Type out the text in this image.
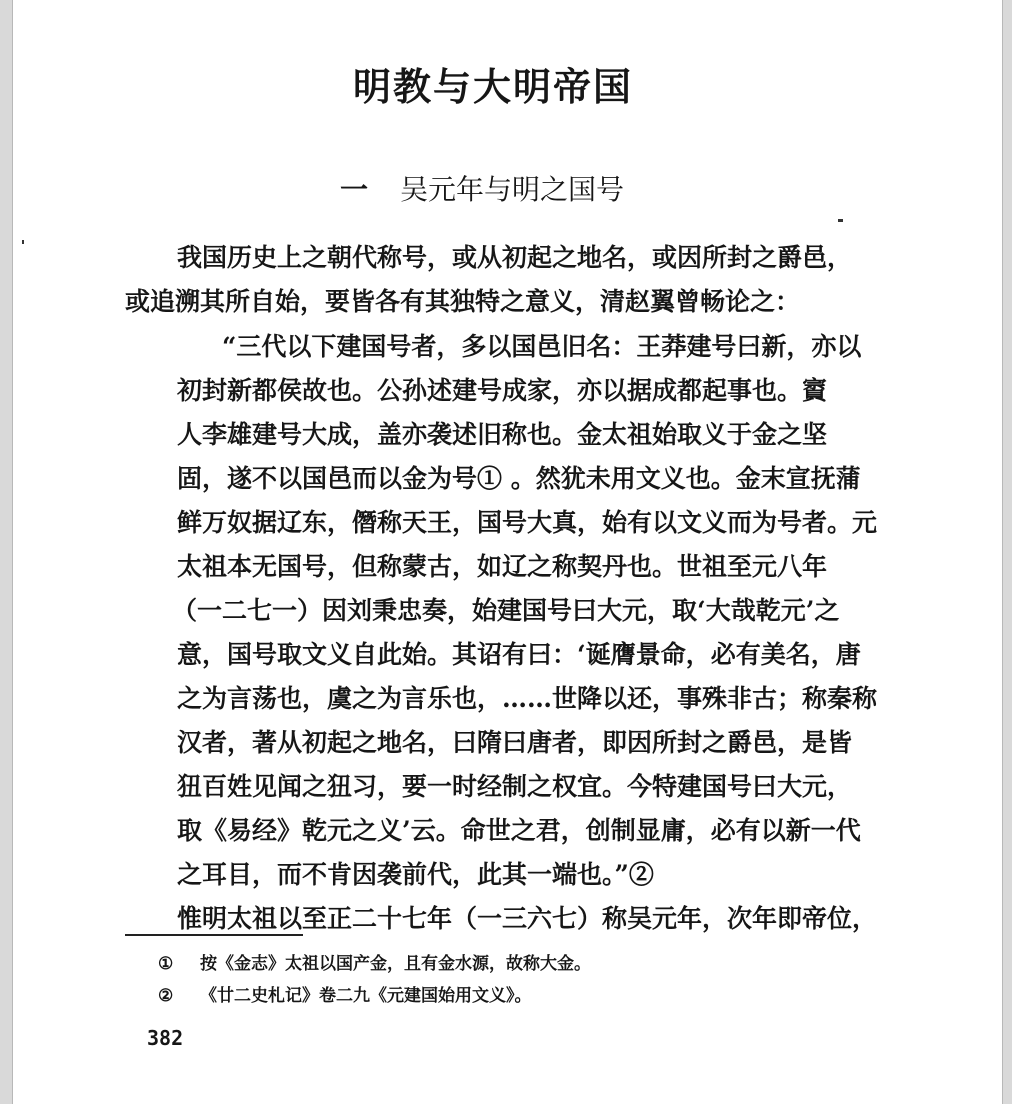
明教与大明帝国
一 吴元年与明之国号
我国历史上之朝代称号，或从初起之地名，或因所封之爵邑，
或追溯其所自始，要皆各有其独特之意义，清赵翼曾畅论之：
“三代以下建国号者，多以国邑旧名：王莽建号曰新，亦以
初封新都侯故也。公孙述建号成家，亦以据成都起事也。賨
人李雄建号大成，盖亦袭述旧称也。金太祖始取义于金之坚
固，遂不以国邑而以金为号① 。然犹未用文义也。金末宣抚蒲
鲜万奴据辽东，僭称天王，国号大真，始有以文义而为号者。元
太祖本无国号，但称蒙古，如辽之称契丹也。世祖至元八年
（一二七一）因刘秉忠奏，始建国号曰大元，取‘大哉乾元’之
意，国号取文义自此始。其诏有曰：‘诞膺景命，必有美名，唐
之为言荡也，虞之为言乐也，……世降以还，事殊非古；称秦称
汉者，著从初起之地名，曰隋曰唐者，即因所封之爵邑，是皆
狃百姓见闻之狃习，要一时经制之权宜。今特建国号曰大元，
取《易经》乾元之义’云。命世之君，创制显庸，必有以新一代
之耳目，而不肯因袭前代，此其一端也。”②
惟明太祖以至正二十七年（一三六七）称吴元年，次年即帝位，
① 按《金志》太祖以国产金，且有金水源，故称大金。
② 《廿二史札记》卷二九《元建国始用文义》。
382
